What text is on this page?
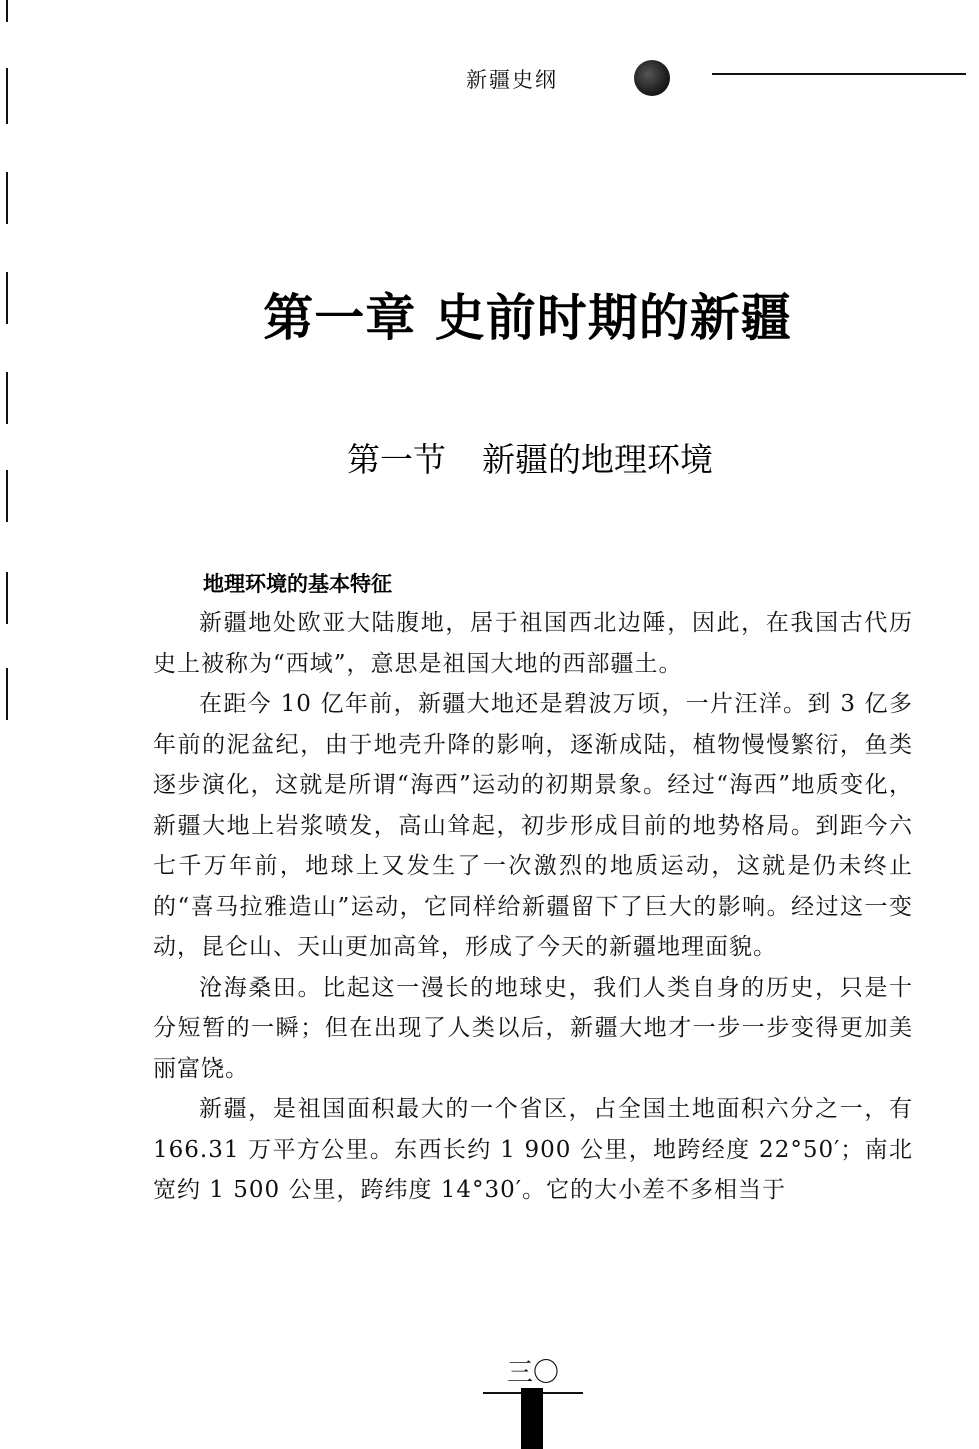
新疆史纲
第一章 史前时期的新疆
第一节 新疆的地理环境
地理环境的基本特征

新疆地处欧亚大陆腹地，居于祖国西北边陲，因此，在我国古代历史上被称为“西域”，意思是祖国大地的西部疆土。

在距今 10 亿年前，新疆大地还是碧波万顷，一片汪洋。到 3 亿多年前的泥盆纪，由于地壳升降的影响，逐渐成陆，植物慢慢繁衍，鱼类逐步演化，这就是所谓“海西”运动的初期景象。经过“海西”地质变化，新疆大地上岩浆喷发，高山耸起，初步形成目前的地势格局。到距今六七千万年前，地球上又发生了一次激烈的地质运动，这就是仍未终止的“喜马拉雅造山”运动，它同样给新疆留下了巨大的影响。经过这一变动，昆仑山、天山更加高耸，形成了今天的新疆地理面貌。

沧海桑田。比起这一漫长的地球史，我们人类自身的历史，只是十分短暂的一瞬；但在出现了人类以后，新疆大地才一步一步变得更加美丽富饶。

新疆，是祖国面积最大的一个省区，占全国土地面积六分之一，有 166.31 万平方公里。东西长约 1 900 公里，地跨经度 22°50′；南北宽约 1 500 公里，跨纬度 14°30′。它的大小差不多相当于

三〇
